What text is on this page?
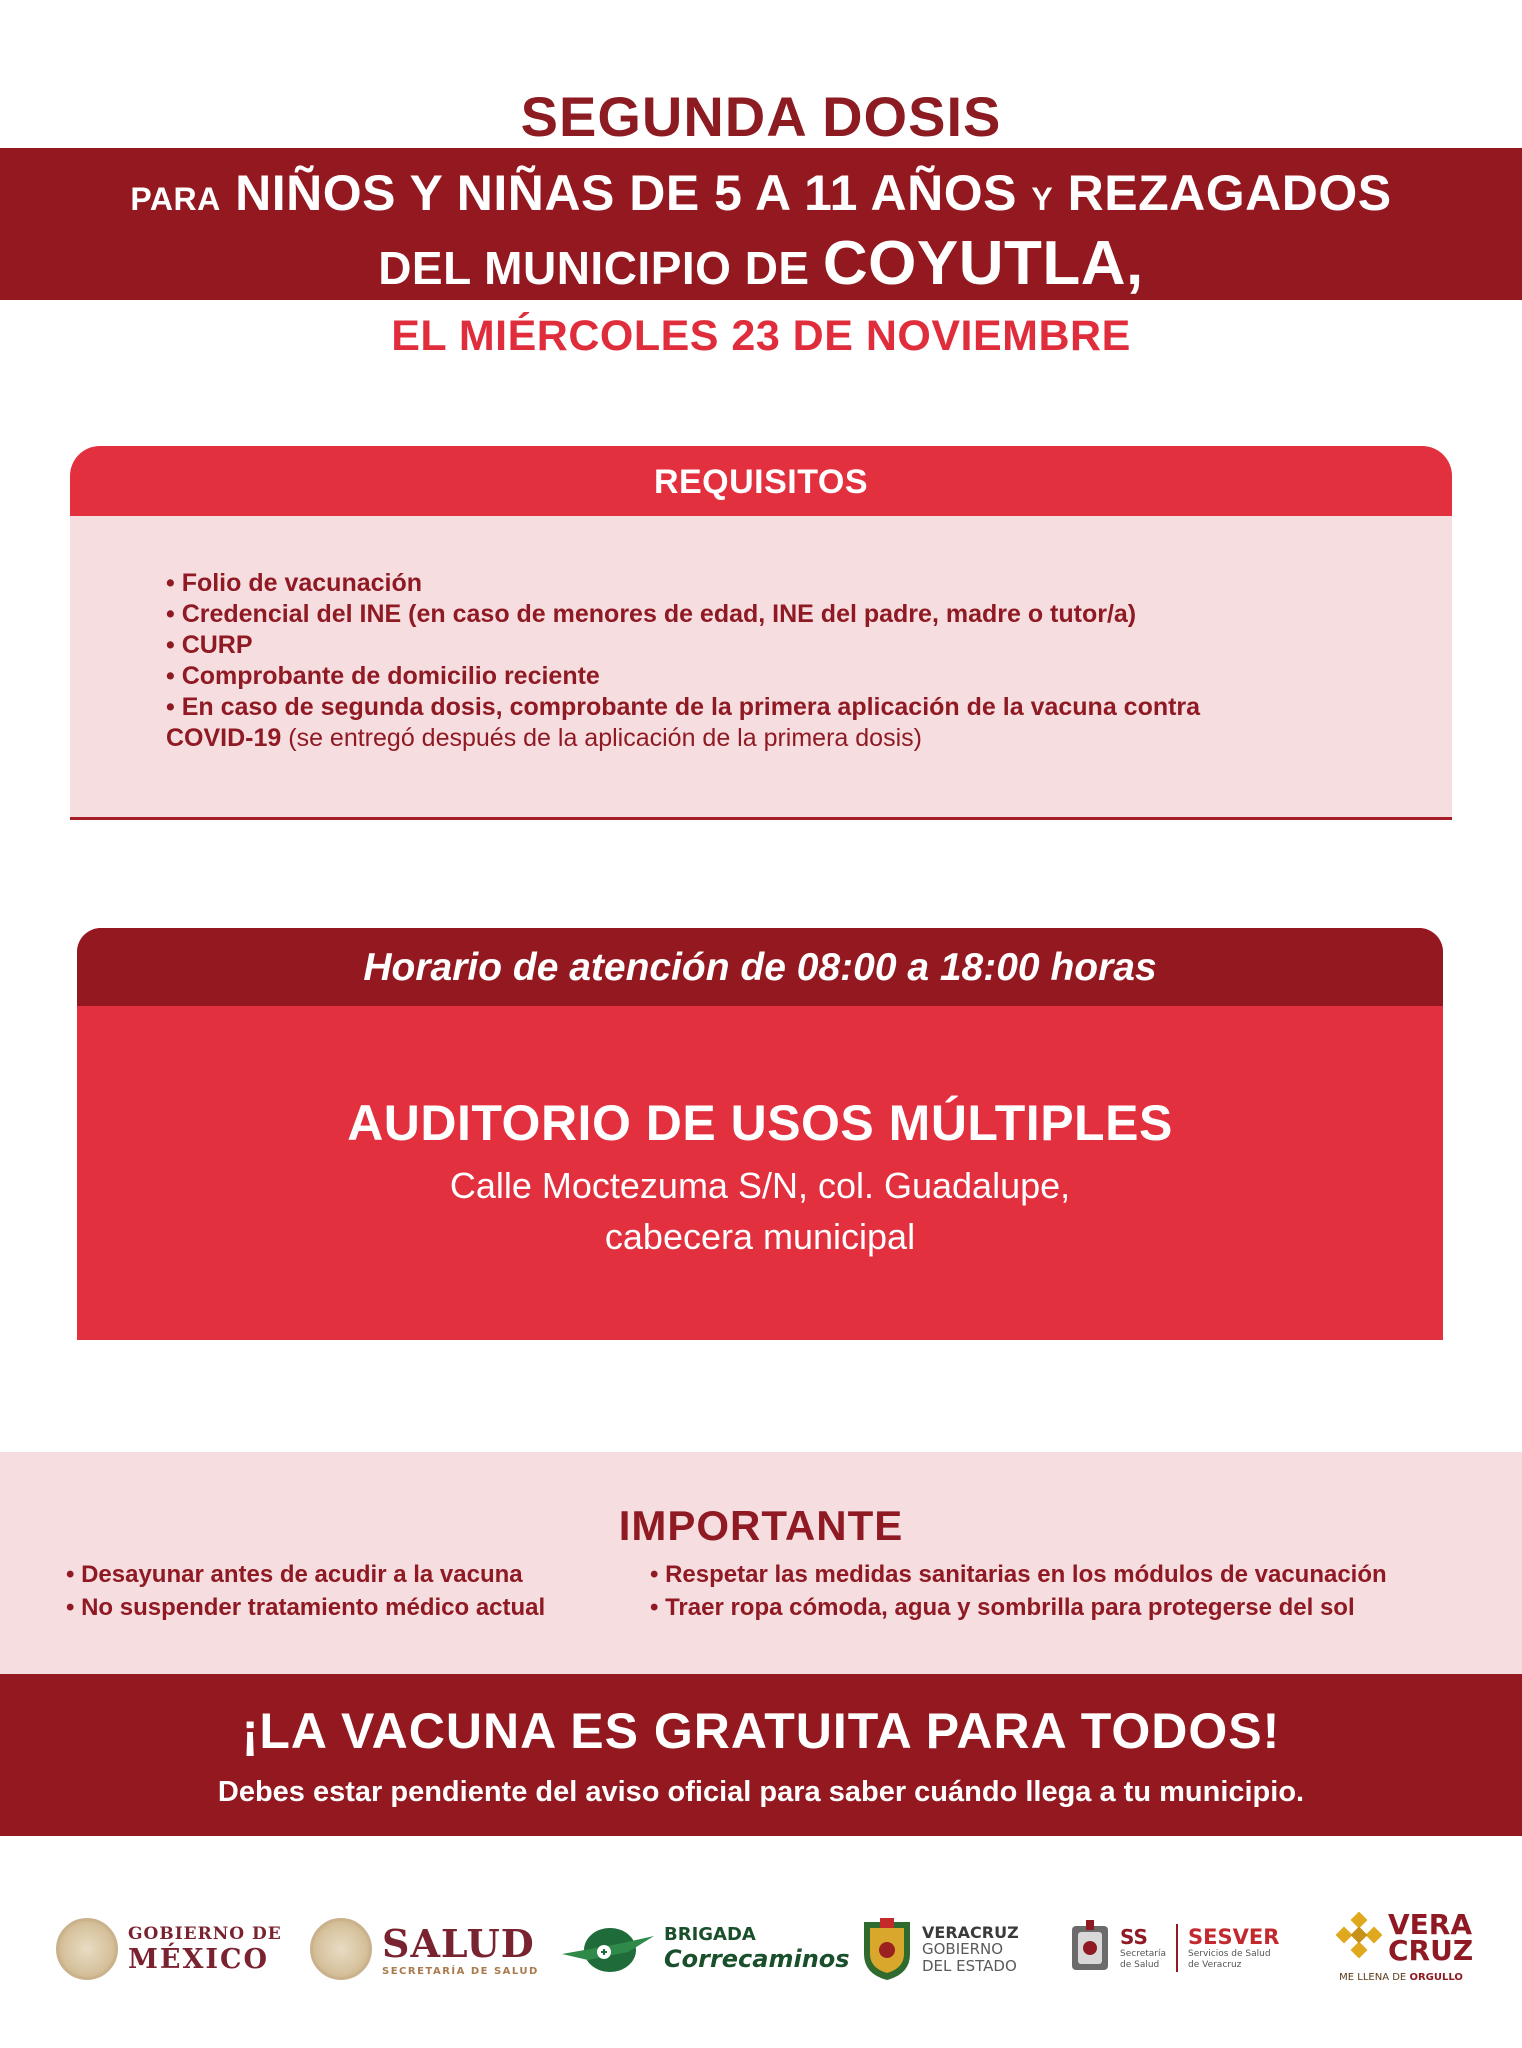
SEGUNDA DOSIS
PARA NIÑOS Y NIÑAS DE 5 A 11 AÑOS Y REZAGADOS
DEL MUNICIPIO DE COYUTLA,
EL MIÉRCOLES 23 DE NOVIEMBRE
REQUISITOS
• Folio de vacunación
• Credencial del INE (en caso de menores de edad, INE del padre, madre o tutor/a)
• CURP
• Comprobante de domicilio reciente
• En caso de segunda dosis, comprobante de la primera aplicación de la vacuna contra
COVID-19 (se entregó después de la aplicación de la primera dosis)
Horario de atención de 08:00 a 18:00 horas
AUDITORIO DE USOS MÚLTIPLES
Calle Moctezuma S/N, col. Guadalupe,
cabecera municipal
IMPORTANTE
• Desayunar antes de acudir a la vacuna
• No suspender tratamiento médico actual
• Respetar las medidas sanitarias en los módulos de vacunación
• Traer ropa cómoda, agua y sombrilla para protegerse del sol
¡LA VACUNA ES GRATUITA PARA TODOS!
Debes estar pendiente del aviso oficial para saber cuándo llega a tu municipio.
GOBIERNO DE
MÉXICO	SALUD
SECRETARÍA DE SALUD
BRIGADA
Correcaminos
VERACRUZ
GOBIERNO
DEL ESTADO
SS
Secretaría
de Salud
SESVER
Servicios de Salud
de Veracruz
VERA
CRUZ
ME LLENA DE ORGULLO
